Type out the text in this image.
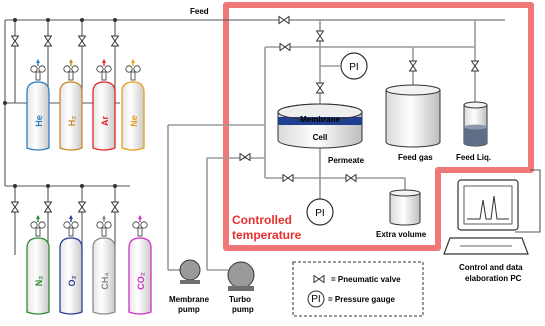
Feed
He	H₂	Ar Ne
N₂	O₂	CH₄	CO₂
PI
PI
Membrane
Cell
Permeate	Feed gas	Feed Liq.
Extra volume
Controlled
temperature
Membrane
pump
Turbo
pump
Control and data
elaboration PC
= Pneumatic valve
PI = Pressure gauge
